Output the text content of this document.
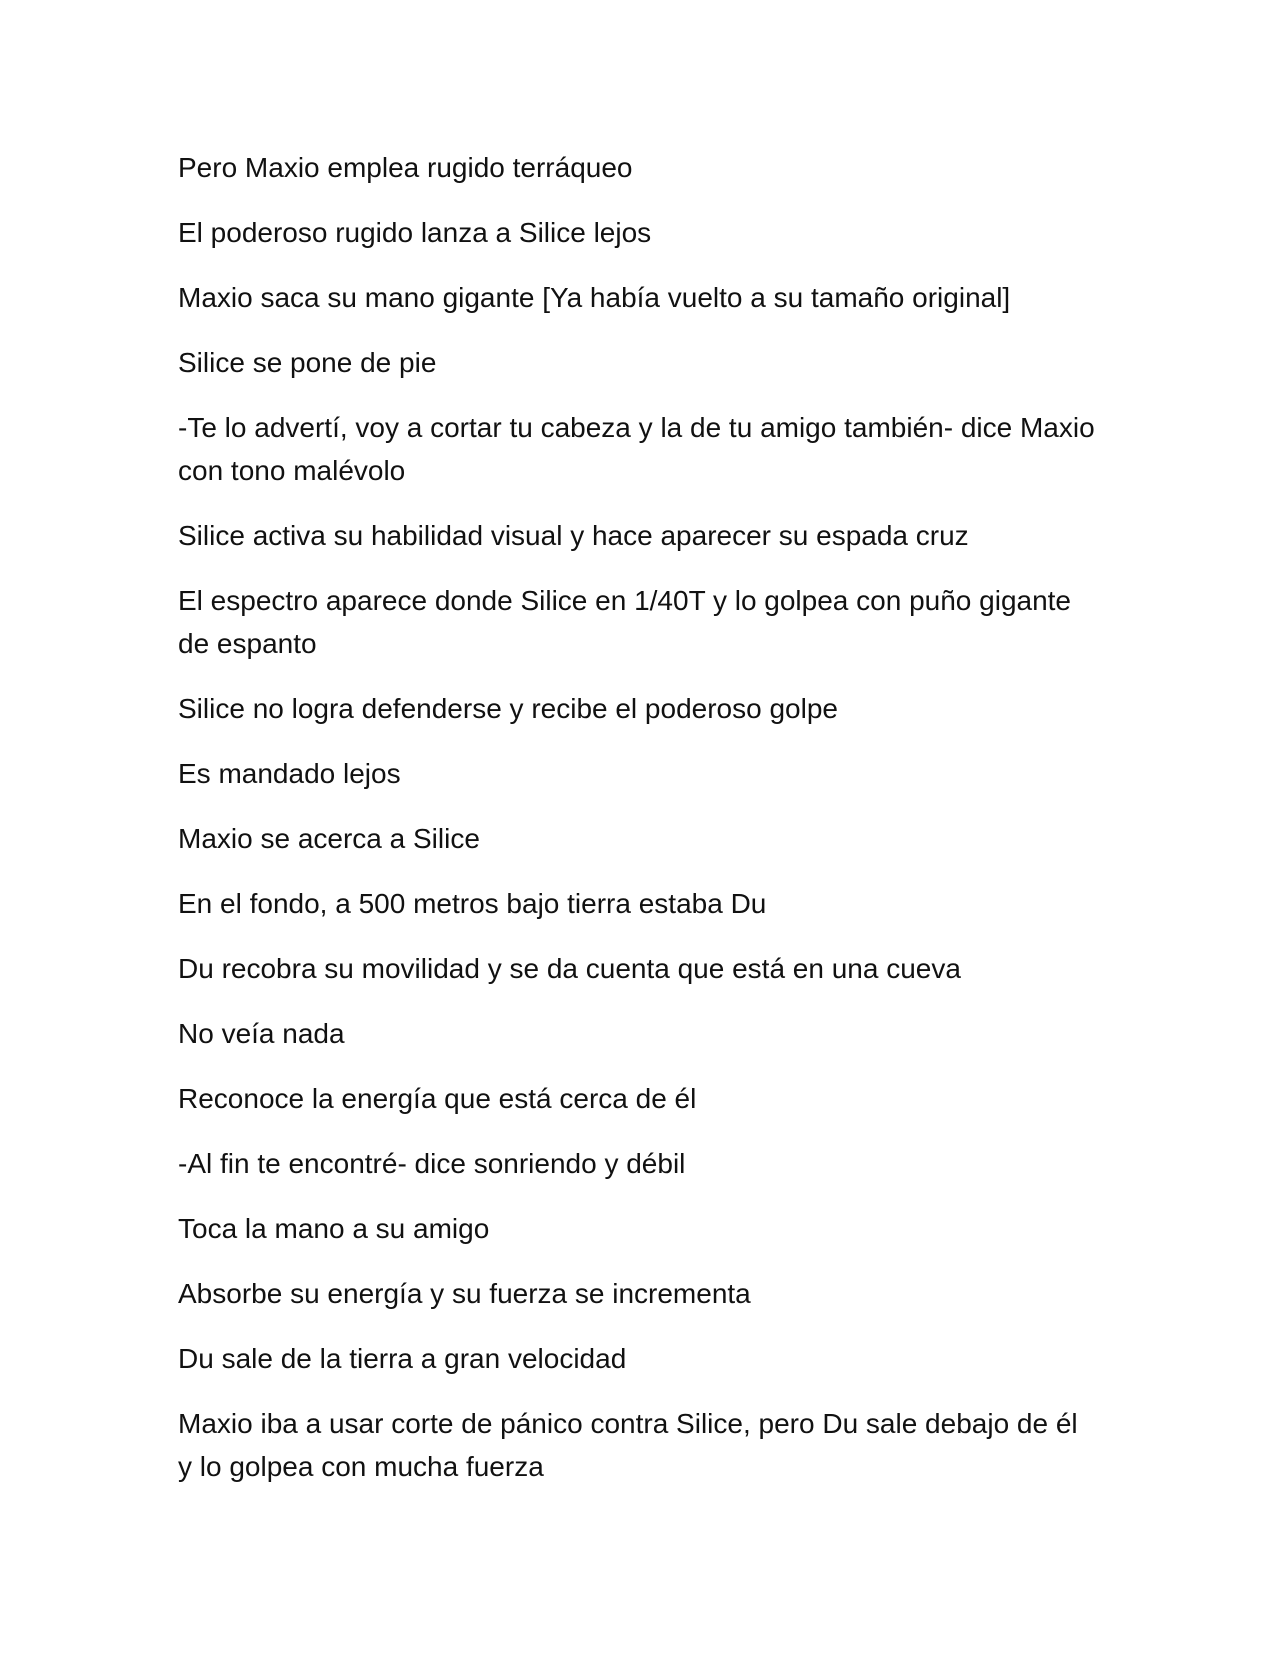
Pero Maxio emplea rugido terráqueo

El poderoso rugido lanza a Silice lejos

Maxio saca su mano gigante [Ya había vuelto a su tamaño original]

Silice se pone de pie

-Te lo advertí, voy a cortar tu cabeza y la de tu amigo también- dice Maxio con tono malévolo

Silice activa su habilidad visual y hace aparecer su espada cruz

El espectro aparece donde Silice en 1/40T y lo golpea con puño gigante de espanto

Silice no logra defenderse y recibe el poderoso golpe

Es mandado lejos

Maxio se acerca a Silice

En el fondo, a 500 metros bajo tierra estaba Du

Du recobra su movilidad y se da cuenta que está en una cueva

No veía nada

Reconoce la energía que está cerca de él

-Al fin te encontré- dice sonriendo y débil

Toca la mano a su amigo

Absorbe su energía y su fuerza se incrementa

Du sale de la tierra a gran velocidad

Maxio iba a usar corte de pánico contra Silice, pero Du sale debajo de él y lo golpea con mucha fuerza
